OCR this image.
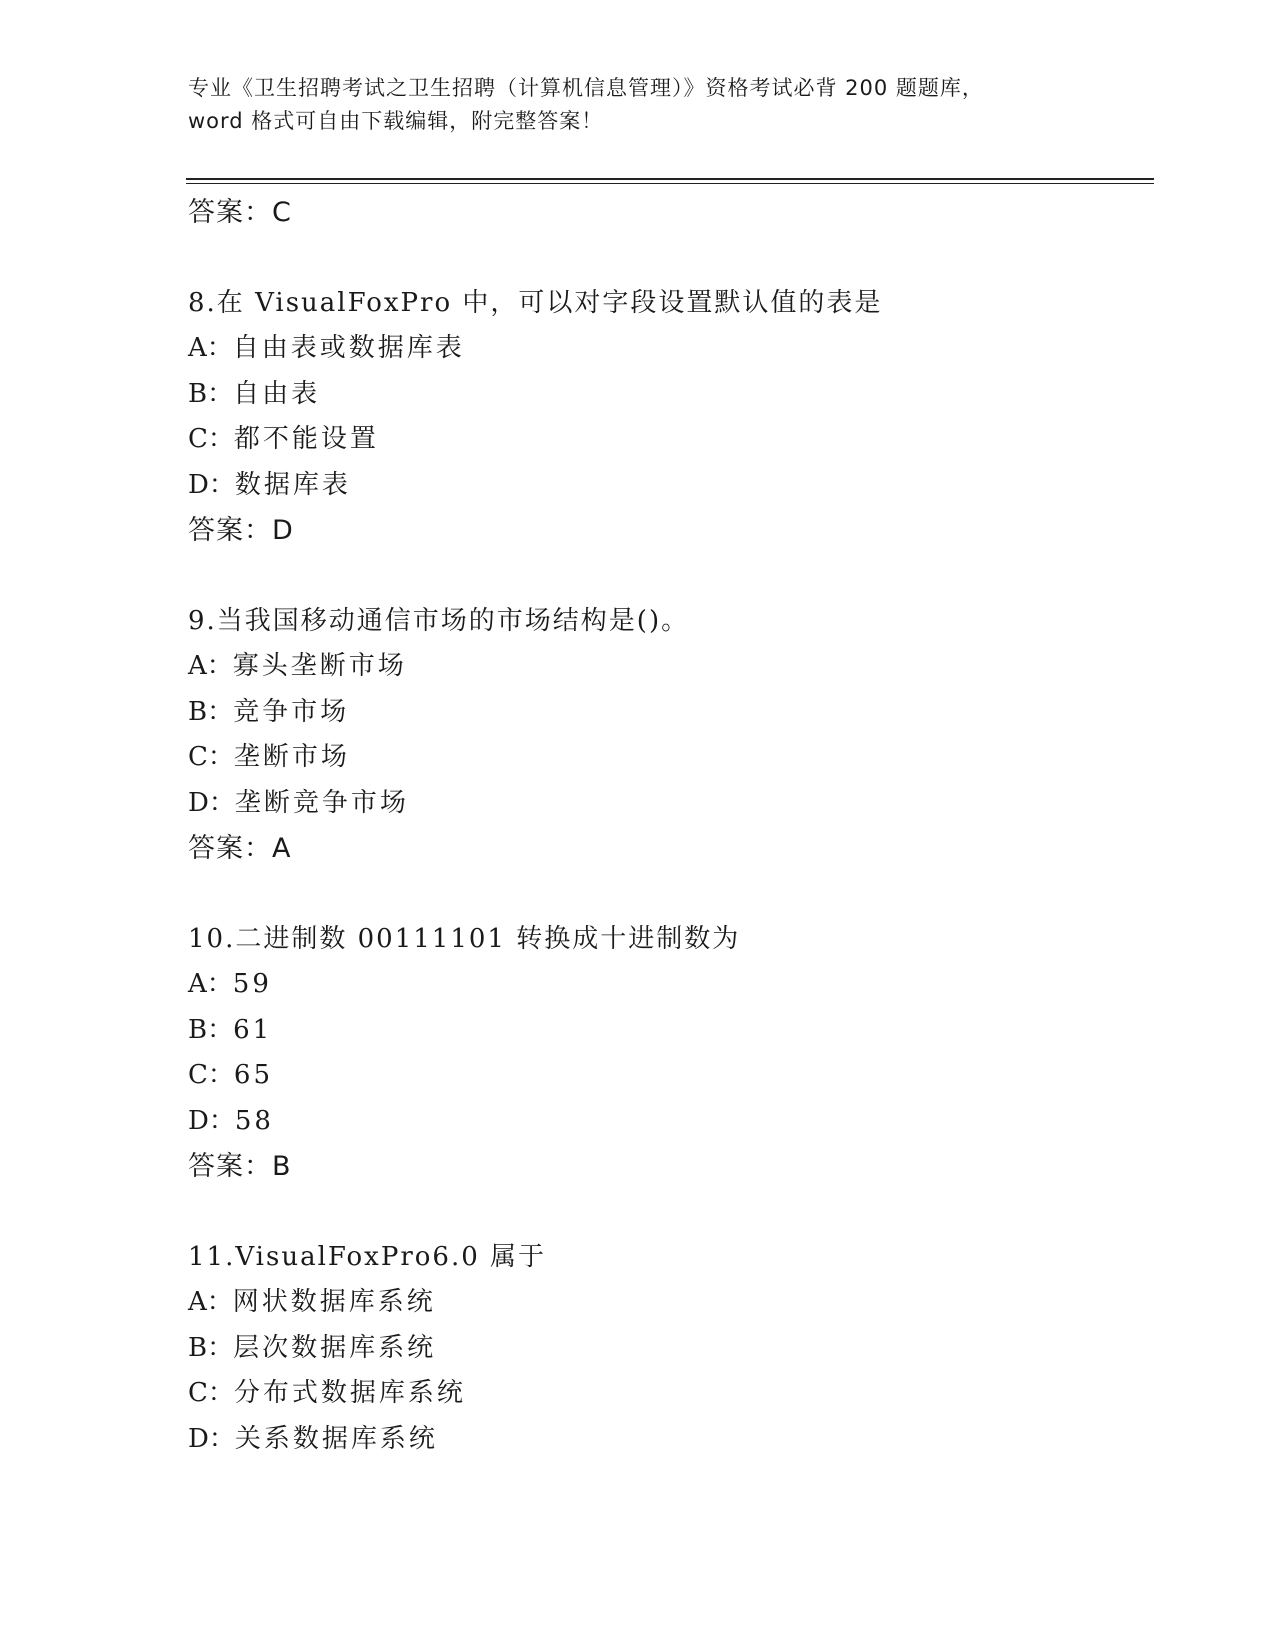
专业《卫生招聘考试之卫生招聘（计算机信息管理）》资格考试必背 200 题题库，
word 格式可自由下载编辑，附完整答案！
答案：C
8.在 VisualFoxPro 中，可以对字段设置默认值的表是
A：自由表或数据库表
B：自由表
C：都不能设置
D：数据库表
答案：D
9.当我国移动通信市场的市场结构是()。
A：寡头垄断市场
B：竞争市场
C：垄断市场
D：垄断竞争市场
答案：A
10.二进制数 00111101 转换成十进制数为
A：59
B：61
C：65
D：58
答案：B
11.VisualFoxPro6.0 属于
A：网状数据库系统
B：层次数据库系统
C：分布式数据库系统
D：关系数据库系统
